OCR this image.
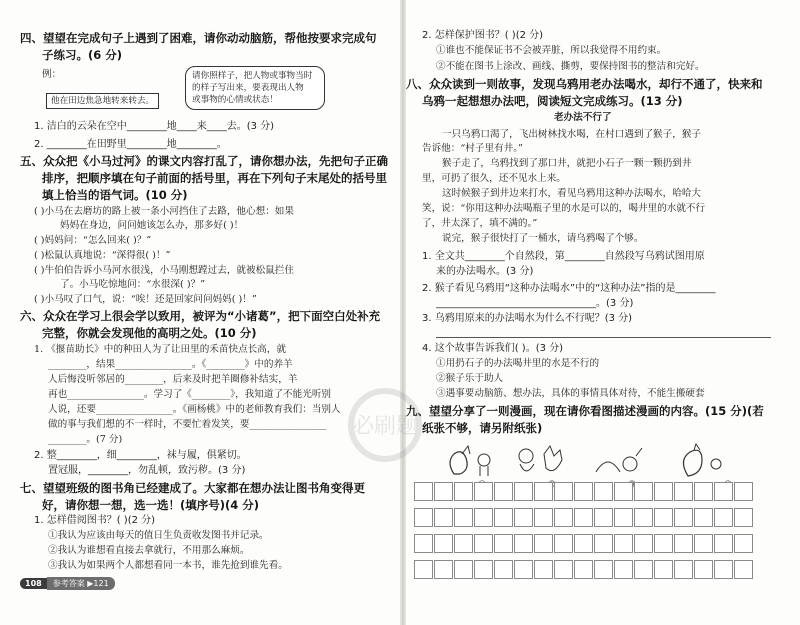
四、望望在完成句子上遇到了困难，请你动动脑筋，帮他按要求完成句
子练习。(6 分)
例：
他在田边焦急地转来转去。
请你照样子，把人物或事物当时
的样子写出来，要表现出人物
或事物的心情或状态！
1. 洁白的云朵在空中________地____来____去。(3 分)
2. ________在田野里________地________。
五、众众把《小马过河》的课文内容打乱了，请你想办法，先把句子正确
排序，把顺序填在句子前面的括号里，再在下列句子末尾处的括号里
填上恰当的语气词。(10 分)
( )小马在去磨坊的路上被一条小河挡住了去路，他心想：如果
妈妈在身边，问问她该怎么办，那多好( )！
( )妈妈问：“怎么回来( )？”
( )松鼠认真地说：“深得很( )！”
( )牛伯伯告诉小马河水很浅，小马刚想蹚过去，就被松鼠拦住
了。小马吃惊地问：“水很深( )？”
( )小马叹了口气，说：“唉！还是回家问问妈妈( )！”
六、众众在学习上很会学以致用，被评为“小诸葛”，把下面空白处补充
完整，你就会发现他的高明之处。(10 分)
1. 《揠苗助长》中的种田人为了让田里的禾苗快点长高，就
________，结果________________。《________》中的养羊
人后悔没听邻居的________，后来及时把羊圈修补结实，羊
再也________________。学习了《________》，我知道了不能光听别
人说，还要________________。《画杨桃》中的老师教育我们：当别人
做的事与我们想的不一样时，不要忙着发笑，要________________
________。(7 分)
2. 整________，细________，袜与履，俱紧切。
置冠服，________，勿乱顿，致污秽。(3 分)
七、望望班级的图书角已经建成了。大家都在想办法让图书角变得更
好，请你想一想，选一选！(填序号)(4 分)
1. 怎样借阅图书？( )(2 分)
①我认为应该由每天的值日生负责收发图书并记录。
②我认为谁想看直接去拿就行，不用那么麻烦。
③我认为如果两个人都想看同一本书，谁先抢到谁先看。
2. 怎样保护图书？( )(2 分)
①谁也不能保证书不会被弄脏，所以我觉得不用约束。
②不能在图书上涂改、画线、撕剪，要保持图书的整洁和完好。
八、众众读到一则故事，发现乌鸦用老办法喝水，却行不通了，快来和
乌鸦一起想想办法吧，阅读短文完成练习。(13 分)
老办法不行了
一只乌鸦口渴了，飞出树林找水喝，在村口遇到了猴子，猴子
告诉他：“村子里有井。”
猴子走了，乌鸦找到了那口井，就把小石子一颗一颗扔到井
里，可扔了很久，还不见水上来。
这时候猴子到井边来打水，看见乌鸦用这种办法喝水，哈哈大
笑，说：“你用这种办法喝瓶子里的水是可以的，喝井里的水就不行
了，井太深了，填不满的。”
说完，猴子很快打了一桶水，请乌鸦喝了个够。
1. 全文共________个自然段，第________自然段写乌鸦试图用原
来的办法喝水。(3 分)
2. 猴子看见乌鸦用“这种办法喝水”中的“这种办法”指的是________
________________________________。(3 分)
3. 乌鸦用原来的办法喝水为什么不行呢？(3 分)
4. 这个故事告诉我们( )。(3 分)
①用扔石子的办法喝井里的水是不行的
②猴子乐于助人
③遇事要动脑筋、想办法，具体的事情具体对待，不能生搬硬套
九、望望分享了一则漫画，现在请你看图描述漫画的内容。(15 分)(若
纸张不够，请另附纸张)
必刷题
108	参考答案 ▶121
